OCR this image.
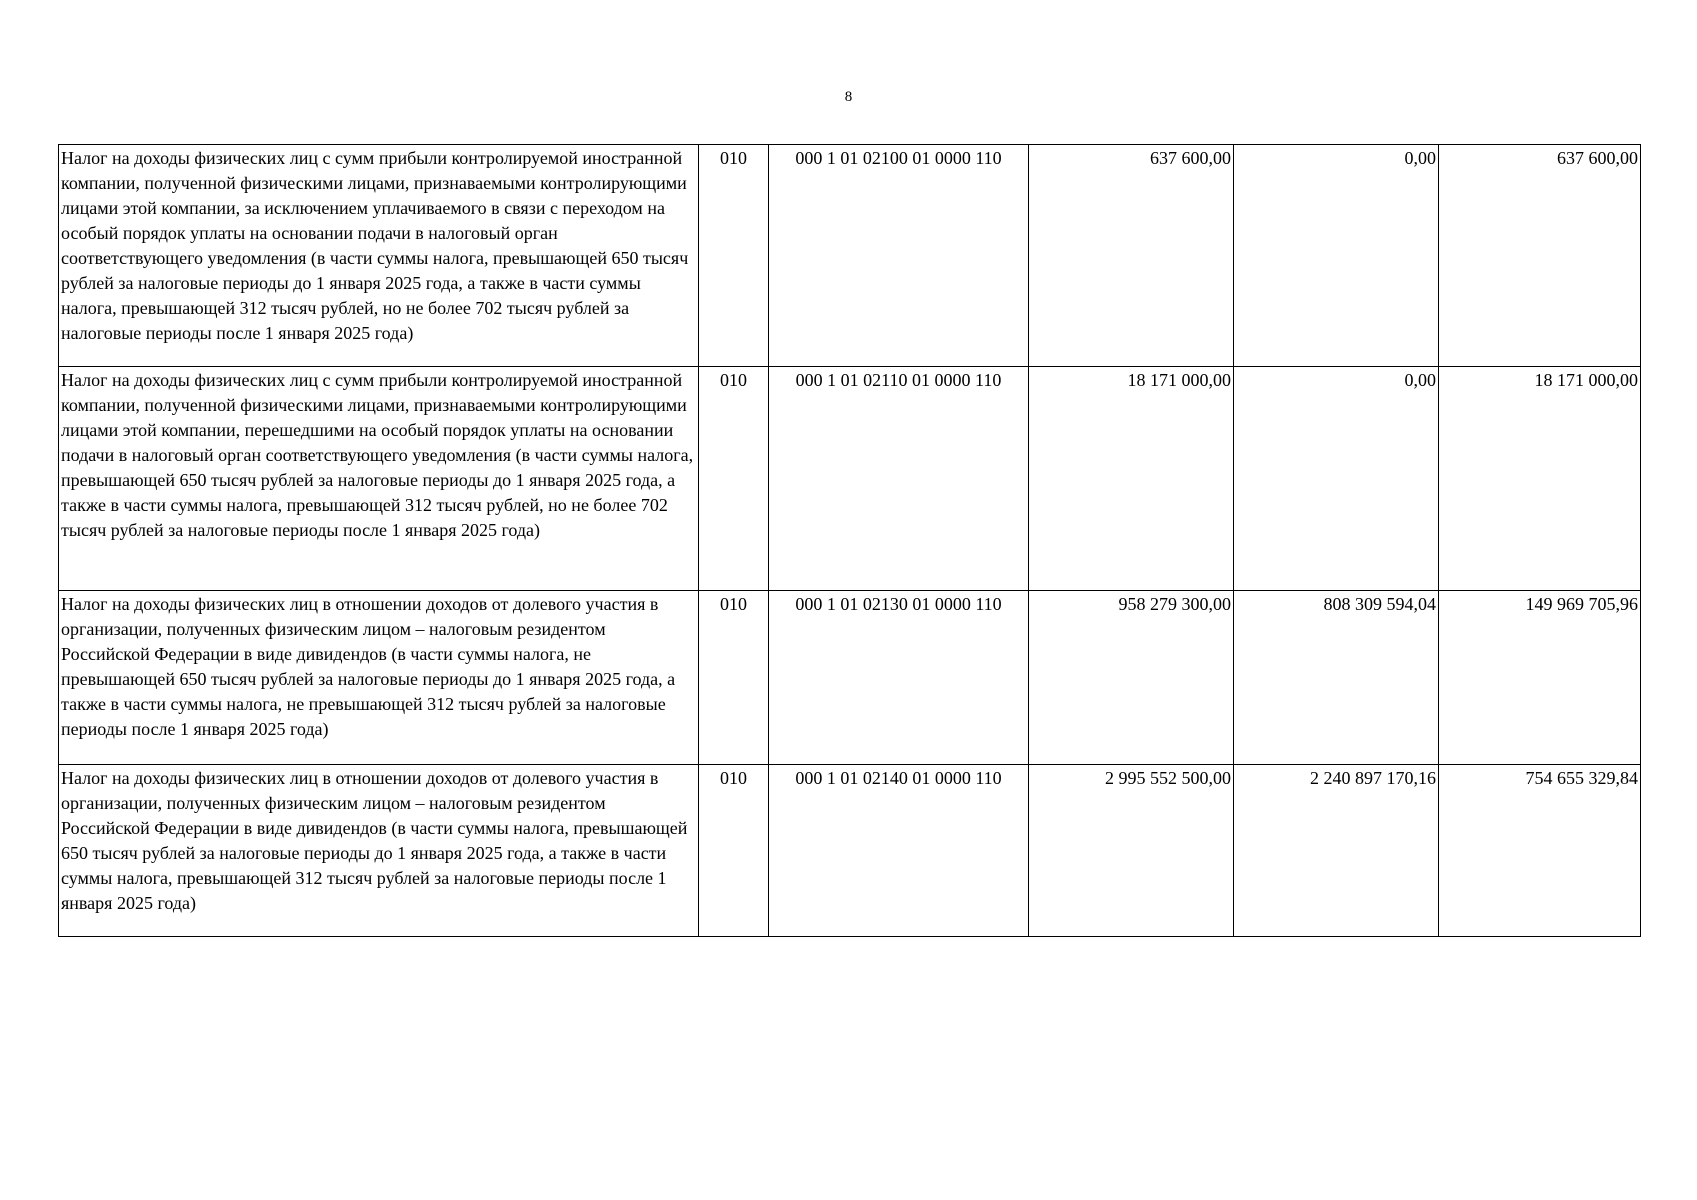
8
Налог на доходы физических лиц с сумм прибыли контролируемой иностранной компании, полученной физическими лицами, признаваемыми контролирующими лицами этой компании, за исключением уплачиваемого в связи с переходом на особый порядок уплаты на основании подачи в налоговый орган соответствующего уведомления (в части суммы налога, превышающей 650 тысяч рублей за налоговые периоды до 1 января 2025 года, а также в части суммы налога, превышающей 312 тысяч рублей, но не более 702 тысяч рублей за налоговые периоды после 1 января 2025 года)	010	000 1 01 02100 01 0000 110	637 600,00	0,00	637 600,00
Налог на доходы физических лиц с сумм прибыли контролируемой иностранной компании, полученной физическими лицами, признаваемыми контролирующими лицами этой компании, перешедшими на особый порядок уплаты на основании подачи в налоговый орган соответствующего уведомления (в части суммы налога, превышающей 650 тысяч рублей за налоговые периоды до 1 января 2025 года, а также в части суммы налога, превышающей 312 тысяч рублей, но не более 702 тысяч рублей за налоговые периоды после 1 января 2025 года)	010	000 1 01 02110 01 0000 110	18 171 000,00	0,00	18 171 000,00
Налог на доходы физических лиц в отношении доходов от долевого участия в организации, полученных физическим лицом – налоговым резидентом Российской Федерации в виде дивидендов (в части суммы налога, не превышающей 650 тысяч рублей за налоговые периоды до 1 января 2025 года, а также в части суммы налога, не превышающей 312 тысяч рублей за налоговые периоды после 1 января 2025 года)	010	000 1 01 02130 01 0000 110	958 279 300,00	808 309 594,04	149 969 705,96
Налог на доходы физических лиц в отношении доходов от долевого участия в организации, полученных физическим лицом – налоговым резидентом Российской Федерации в виде дивидендов (в части суммы налога, превышающей 650 тысяч рублей за налоговые периоды до 1 января 2025 года, а также в части суммы налога, превышающей 312 тысяч рублей за налоговые периоды после 1 января 2025 года)	010	000 1 01 02140 01 0000 110	2 995 552 500,00	2 240 897 170,16	754 655 329,84
